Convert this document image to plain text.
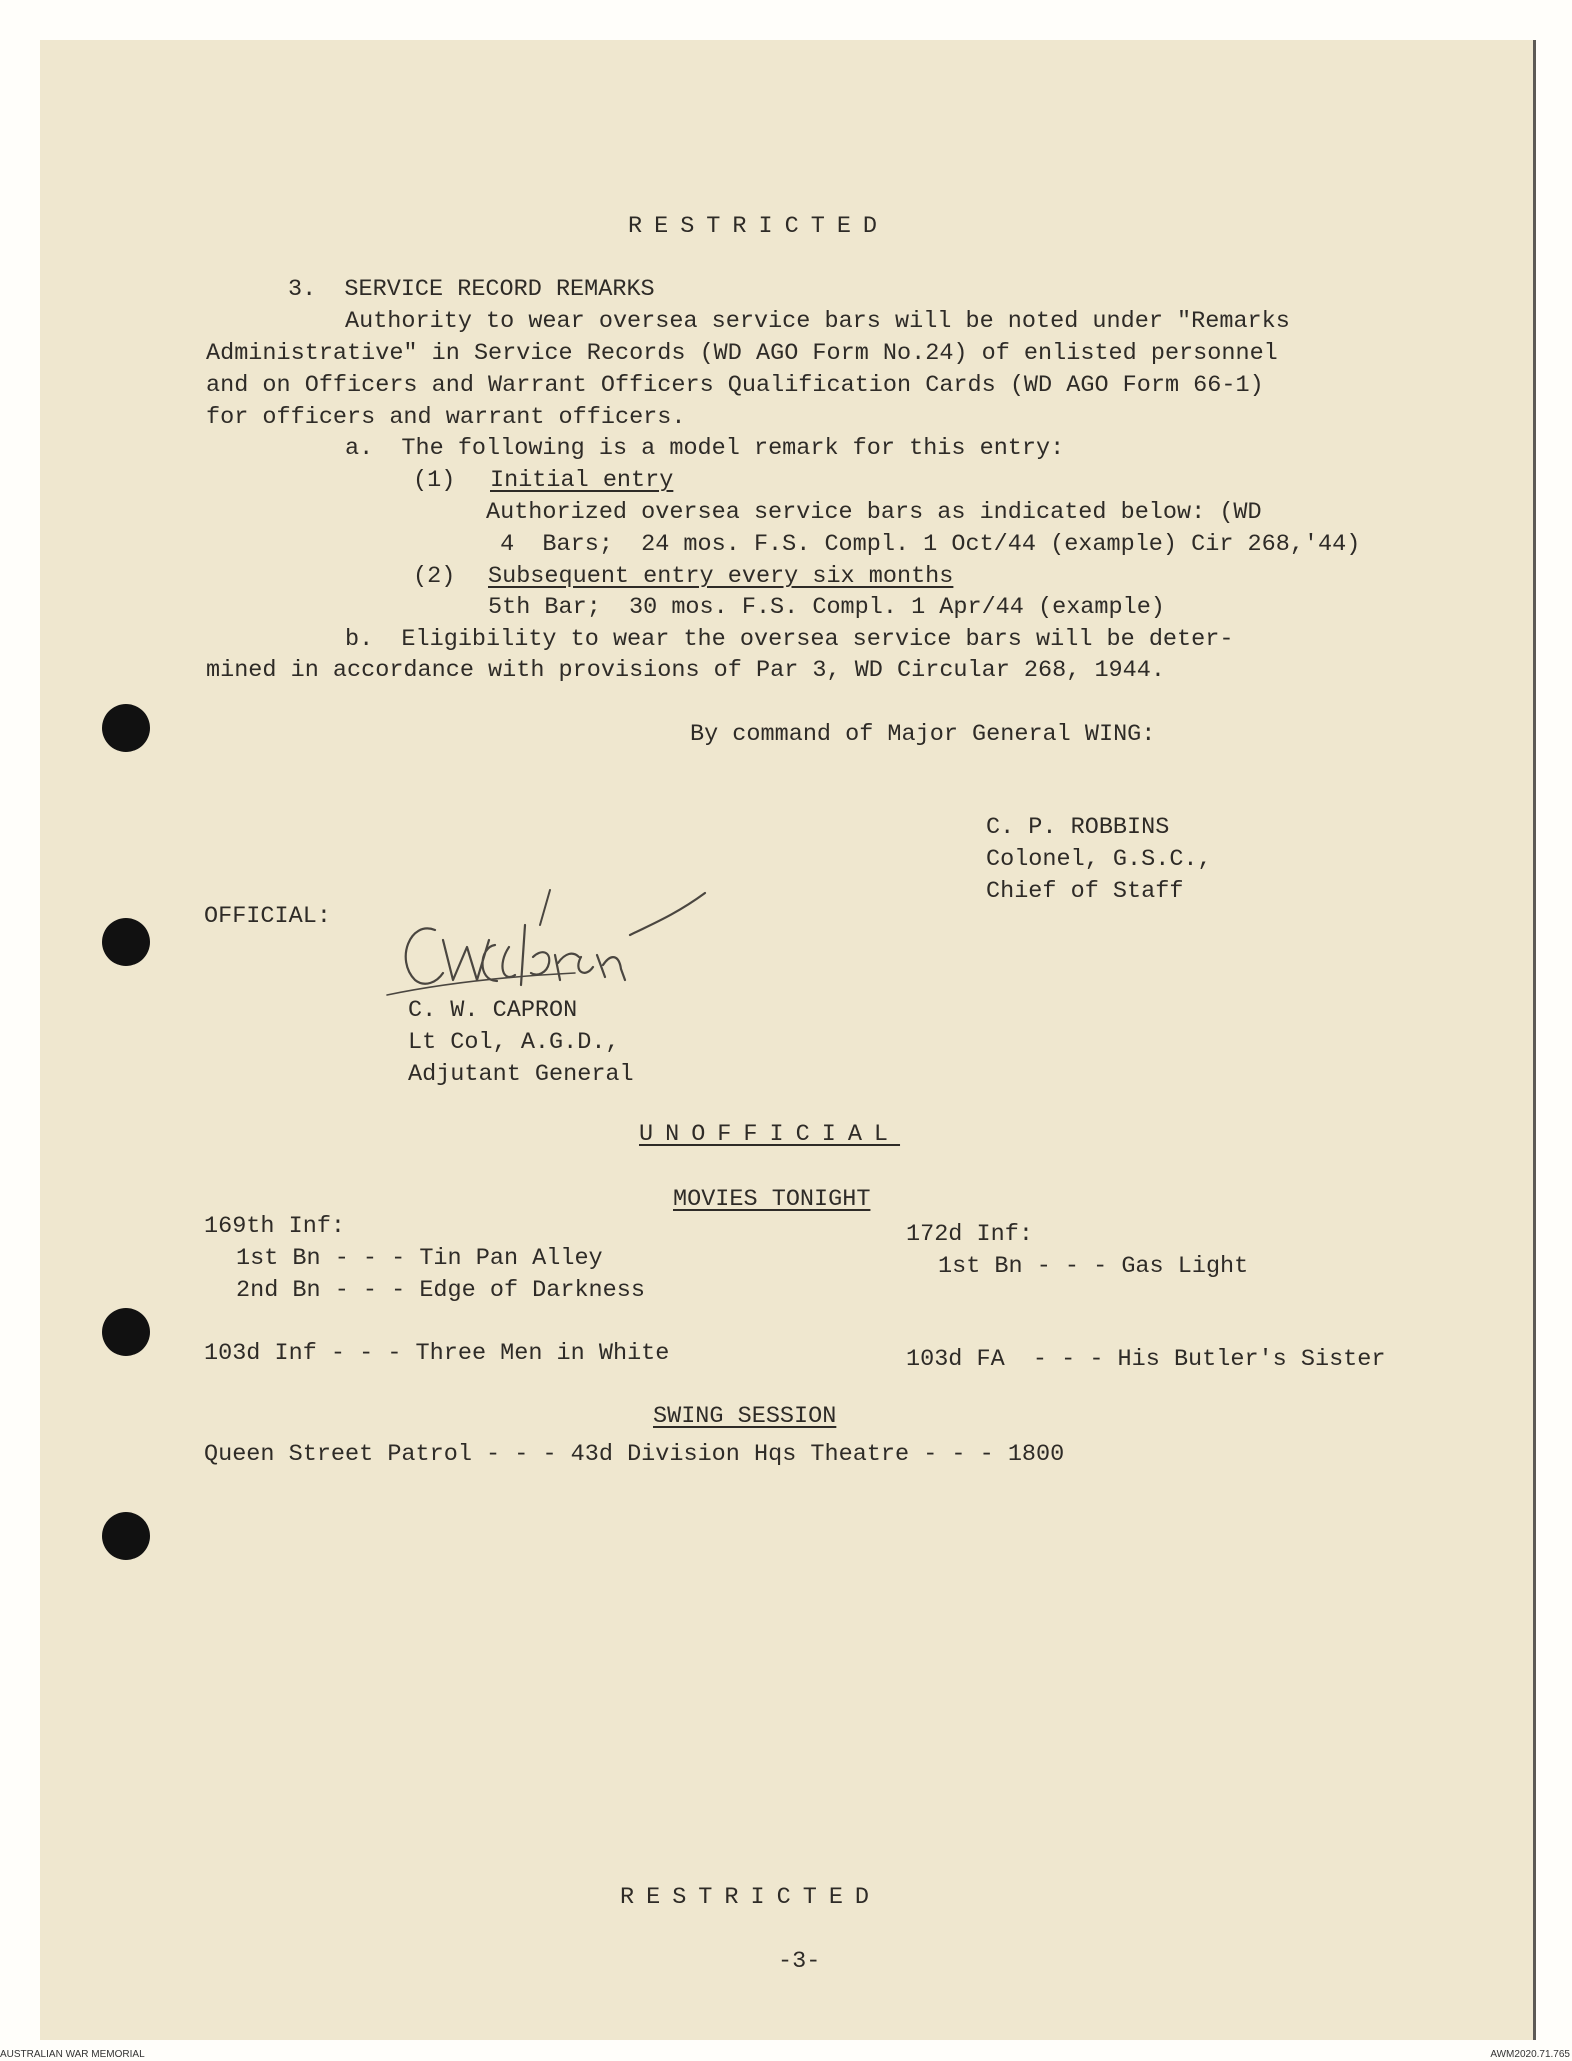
RESTRICTED
3.  SERVICE RECORD REMARKS
Authority to wear oversea service bars will be noted under "Remarks
Administrative" in Service Records (WD AGO Form No.24) of enlisted personnel
and on Officers and Warrant Officers Qualification Cards (WD AGO Form 66-1)
for officers and warrant officers.
a.  The following is a model remark for this entry:
(1) Initial entry
Authorized oversea service bars as indicated below: (WD
4  Bars;  24 mos. F.S. Compl. 1 Oct/44 (example) Cir 268,'44)
(2) Subsequent entry every six months
5th Bar;  30 mos. F.S. Compl. 1 Apr/44 (example)
b.  Eligibility to wear the oversea service bars will be deter-
mined in accordance with provisions of Par 3, WD Circular 268, 1944.
By command of Major General WING:
C. P. ROBBINS
Colonel, G.S.C.,
Chief of Staff
OFFICIAL:
C. W. CAPRON
Lt Col, A.G.D.,
Adjutant General
UNOFFICIAL
MOVIES TONIGHT
169th Inf:
1st Bn - - - Tin Pan Alley
2nd Bn - - - Edge of Darkness
103d Inf - - - Three Men in White
172d Inf:
1st Bn - - - Gas Light
103d FA  - - - His Butler's Sister
SWING SESSION
Queen Street Patrol - - - 43d Division Hqs Theatre - - - 1800
RESTRICTED
-3-
AUSTRALIAN WAR MEMORIAL	AWM2020.71.765
